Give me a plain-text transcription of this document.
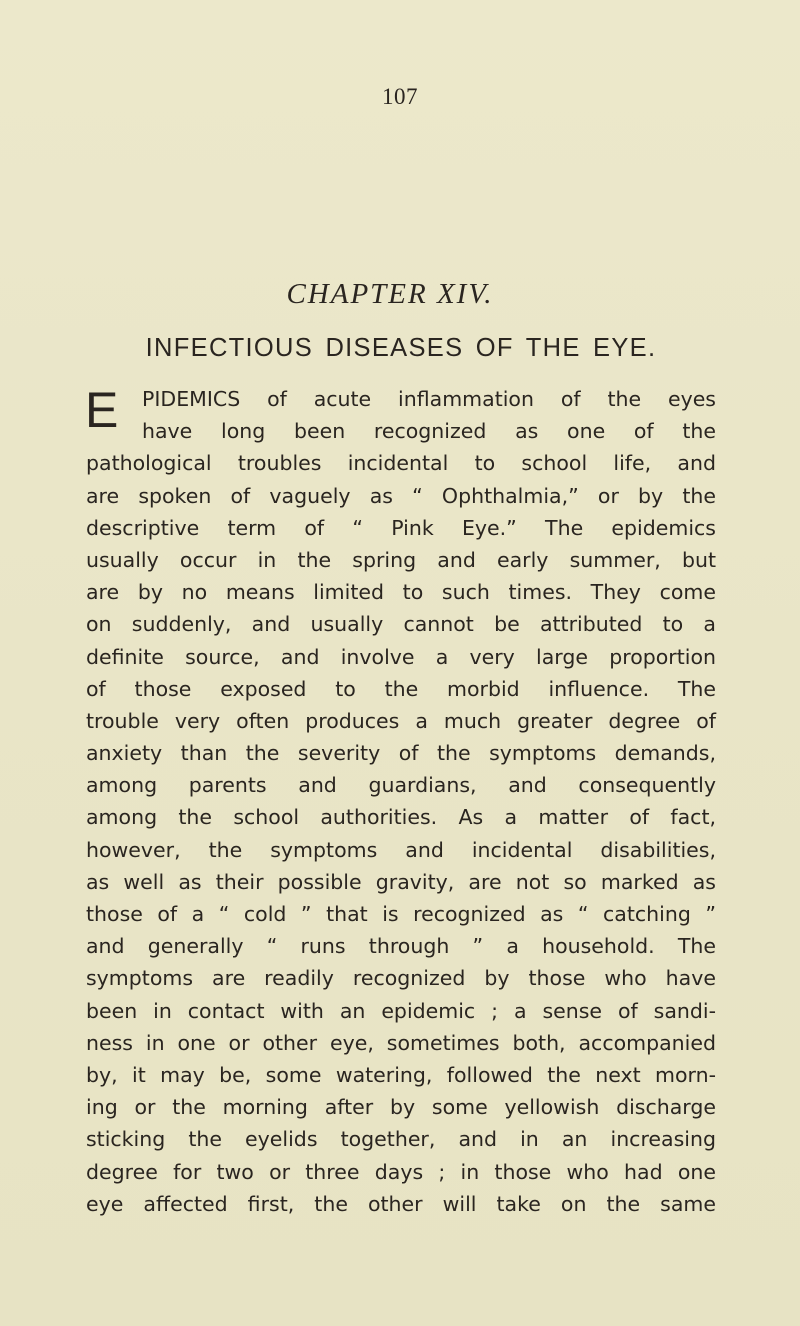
107
CHAPTER XIV.
INFECTIOUS DISEASES OF THE EYE.
E	PIDEMICS of acute inflammation of the eyes
have long been recognized as one of the
pathological troubles incidental to school life, and
are spoken of vaguely as “ Ophthalmia,” or by the
descriptive term of “ Pink Eye.” The epidemics
usually occur in the spring and early summer, but
are by no means limited to such times. They come
on suddenly, and usually cannot be attributed to a
definite source, and involve a very large proportion
of those exposed to the morbid influence. The
trouble very often produces a much greater degree of
anxiety than the severity of the symptoms demands,
among parents and guardians, and consequently
among the school authorities. As a matter of fact,
however, the symptoms and incidental disabilities,
as well as their possible gravity, are not so marked as
those of a “ cold ” that is recognized as “ catching ”
and generally “ runs through ” a household. The
symptoms are readily recognized by those who have
been in contact with an epidemic ; a sense of sandi-
ness in one or other eye, sometimes both, accompanied
by, it may be, some watering, followed the next morn-
ing or the morning after by some yellowish discharge
sticking the eyelids together, and in an increasing
degree for two or three days ; in those who had one
eye affected first, the other will take on the same
